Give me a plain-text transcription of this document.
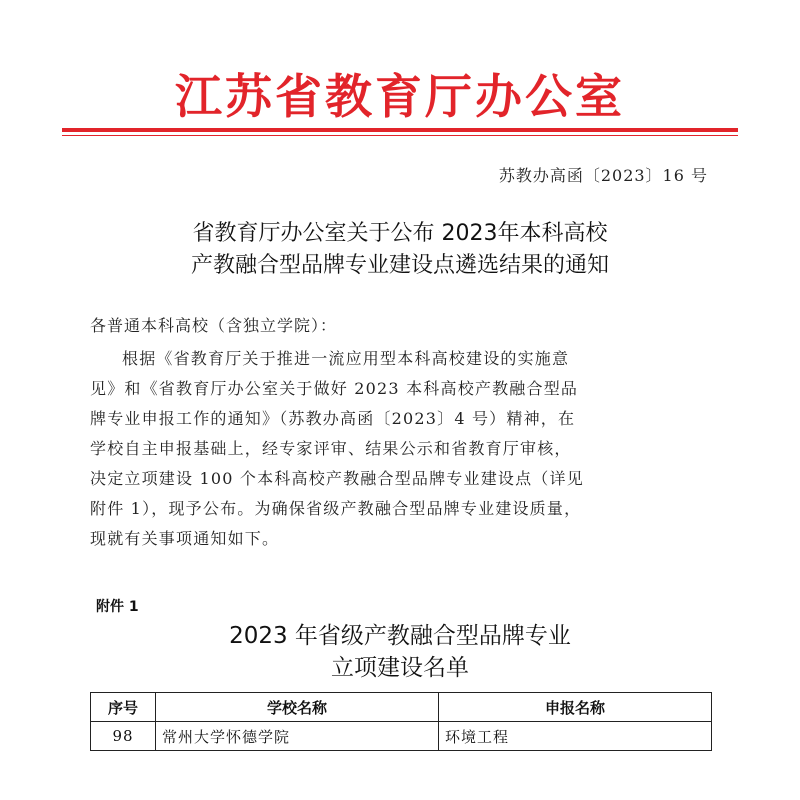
江苏省教育厅办公室
苏教办高函〔2023〕16 号
省教育厅办公室关于公布 2023年本科高校
产教融合型品牌专业建设点遴选结果的通知
各普通本科高校（含独立学院）：
根据《省教育厅关于推进一流应用型本科高校建设的实施意
见》和《省教育厅办公室关于做好 2023 本科高校产教融合型品
牌专业申报工作的通知》（苏教办高函〔2023〕4 号）精神，在
学校自主申报基础上，经专家评审、结果公示和省教育厅审核，
决定立项建设 100 个本科高校产教融合型品牌专业建设点（详见
附件 1），现予公布。为确保省级产教融合型品牌专业建设质量，
现就有关事项通知如下。
附件 1
2023 年省级产教融合型品牌专业
立项建设名单
序号	学校名称	申报名称
98	常州大学怀德学院	环境工程
